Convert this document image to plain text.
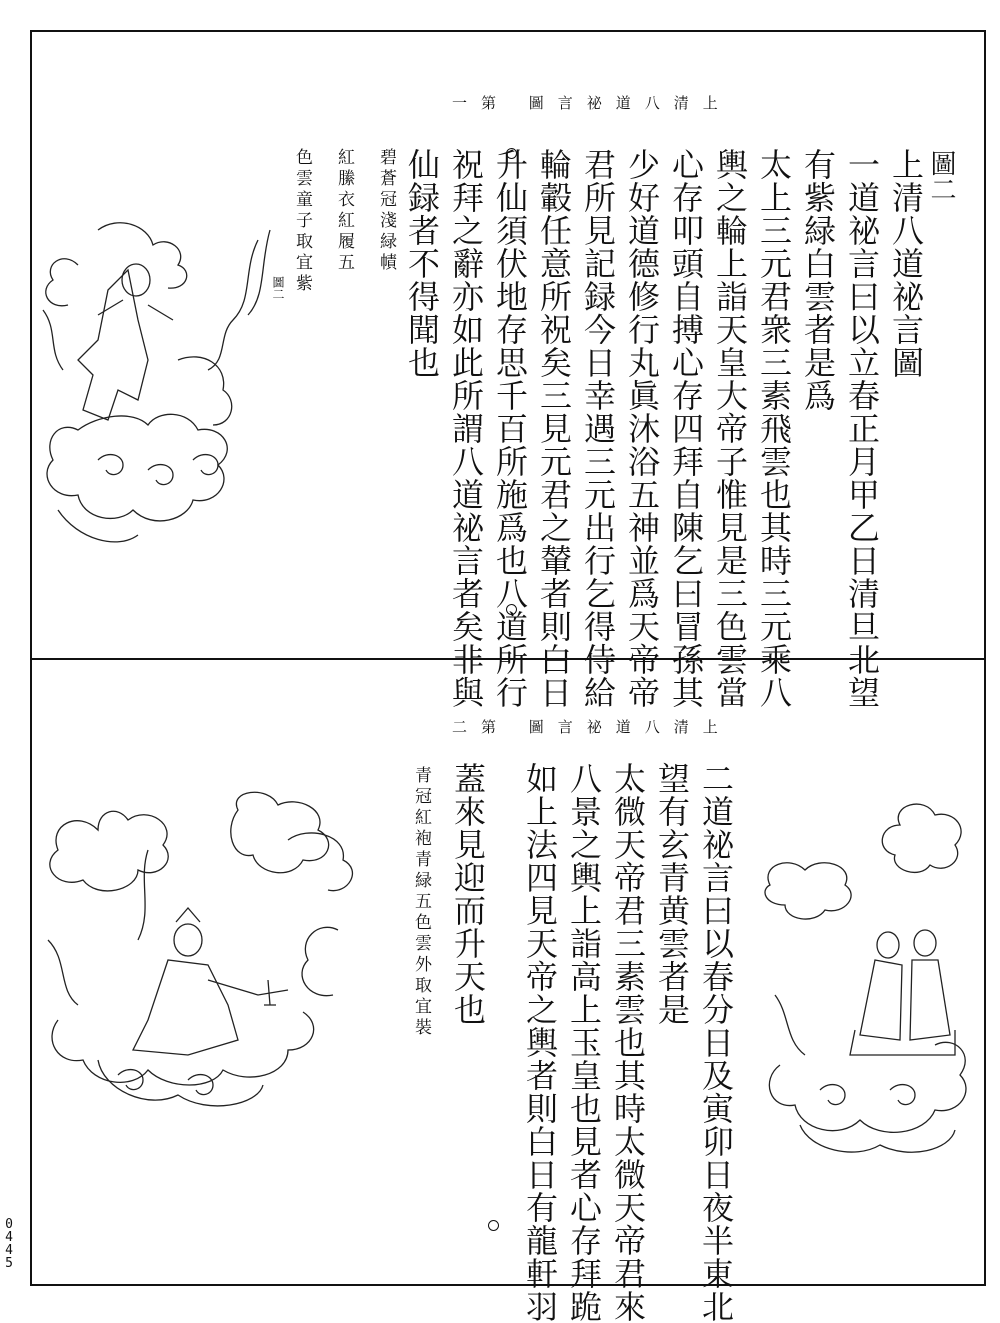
圖二
上清八道祕言圖 第一
上清八道祕言圖
一道祕言曰以立春正月甲乙日清旦北望
有紫緑白雲者是爲
太上三元君衆三素飛雲也其時三元乘八
輿之輪上詣天皇大帝子惟見是三色雲當
心存叩頭自搏心存四拜自陳乞曰冒孫其
少好道德修行丸眞沐浴五神並爲天帝帝
君所見記録今日幸遇三元出行乞得侍給
輪轂任意所祝矣三見元君之輦者則白日
升仙須伏地存思千百所施爲也八道所行
祝拜之辭亦如此所謂八道祕言者矣非與
仙録者不得聞也
碧蒼冠淺緑幘
紅縢衣紅履五
色雲童子取宜紫
圖二
上清八道祕言圖 第二
二道祕言曰以春分日及寅卯日夜半東北
望有玄青黄雲者是
太微天帝君三素雲也其時太微天帝君來
八景之輿上詣高上玉皇也見者心存拜跪
如上法四見天帝之輿者則白日有龍軒羽
蓋來見迎而升天也
青冠紅袍青緑五色雲外取宜裝
0445
